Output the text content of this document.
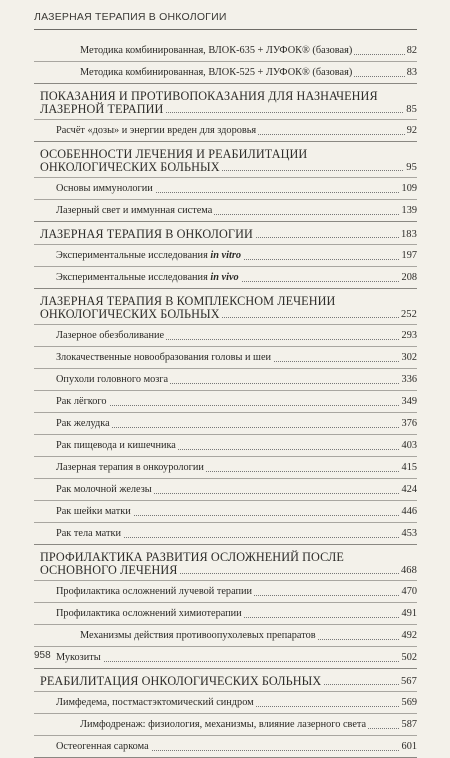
ЛАЗЕРНАЯ ТЕРАПИЯ В ОНКОЛОГИИ
Методика комбинированная, ВЛОК-635 + ЛУФОК® (базовая)	82
Методика комбинированная, ВЛОК-525 + ЛУФОК® (базовая)	83
ПОКАЗАНИЯ И ПРОТИВОПОКАЗАНИЯ ДЛЯ НАЗНАЧЕНИЯ ЛАЗЕРНОЙ ТЕРАПИИ	85
Расчёт «дозы» и энергии вреден для здоровья	92
ОСОБЕННОСТИ ЛЕЧЕНИЯ И РЕАБИЛИТАЦИИ ОНКОЛОГИЧЕСКИХ БОЛЬНЫХ	95
Основы иммунологии	109
Лазерный свет и иммунная система	139
ЛАЗЕРНАЯ ТЕРАПИЯ В ОНКОЛОГИИ	183
Экспериментальные исследования in vitro	197
Экспериментальные исследования in vivo	208
ЛАЗЕРНАЯ ТЕРАПИЯ В КОМПЛЕКСНОМ ЛЕЧЕНИИ ОНКОЛОГИЧЕСКИХ БОЛЬНЫХ	252
Лазерное обезболивание	293
Злокачественные новообразования головы и шеи	302
Опухоли головного мозга	336
Рак лёгкого	349
Рак желудка	376
Рак пищевода и кишечника	403
Лазерная терапия в онкоурологии	415
Рак молочной железы	424
Рак шейки матки	446
Рак тела матки	453
ПРОФИЛАКТИКА РАЗВИТИЯ ОСЛОЖНЕНИЙ ПОСЛЕ ОСНОВНОГО ЛЕЧЕНИЯ	468
Профилактика осложнений лучевой терапии	470
Профилактика осложнений химиотерапии	491
Механизмы действия противоопухолевых препаратов	492
Мукозиты	502
РЕАБИЛИТАЦИЯ ОНКОЛОГИЧЕСКИХ БОЛЬНЫХ	567
Лимфедема, постмастэктомический синдром	569
Лимфодренаж: физиология, механизмы, влияние лазерного света	587
Остеогенная саркома	601
958
